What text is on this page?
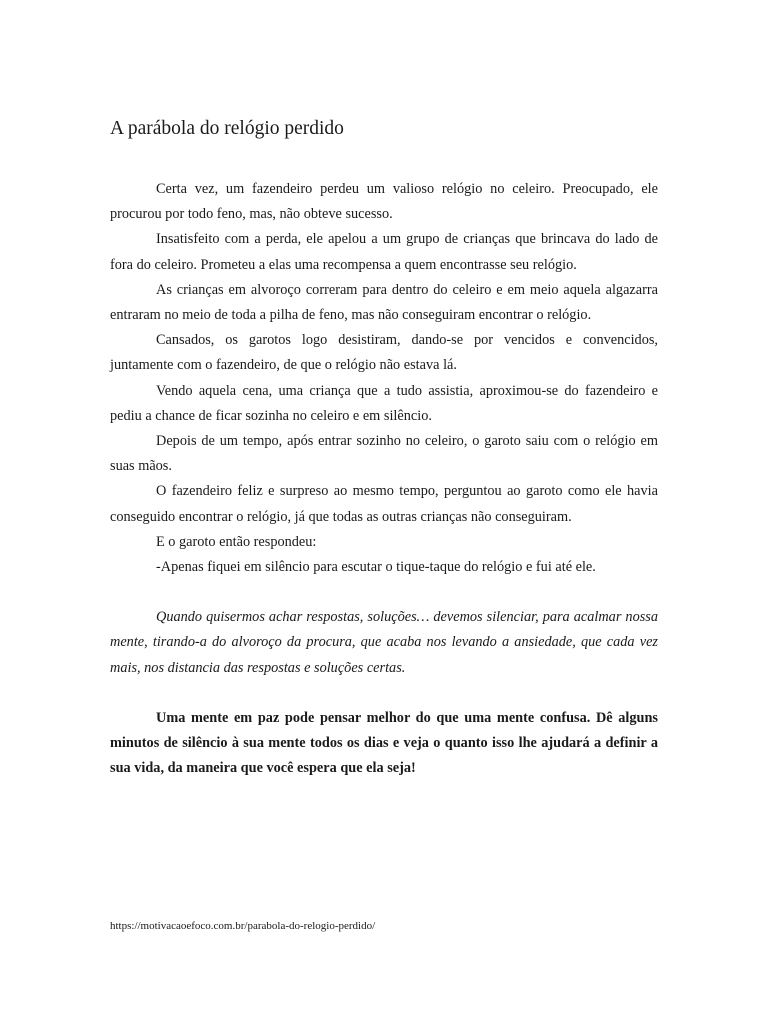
A parábola do relógio perdido

Certa vez, um fazendeiro perdeu um valioso relógio no celeiro. Preocupado, ele procurou por todo feno, mas, não obteve sucesso.

Insatisfeito com a perda, ele apelou a um grupo de crianças que brincava do lado de fora do celeiro. Prometeu a elas uma recompensa a quem encontrasse seu relógio.

As crianças em alvoroço correram para dentro do celeiro e em meio aquela algazarra entraram no meio de toda a pilha de feno, mas não conseguiram encontrar o relógio.

Cansados, os garotos logo desistiram, dando-se por vencidos e convencidos, juntamente com o fazendeiro, de que o relógio não estava lá.

Vendo aquela cena, uma criança que a tudo assistia, aproximou-se do fazendeiro e pediu a chance de ficar sozinha no celeiro e em silêncio.

Depois de um tempo, após entrar sozinho no celeiro, o garoto saiu com o relógio em suas mãos.

O fazendeiro feliz e surpreso ao mesmo tempo, perguntou ao garoto como ele havia conseguido encontrar o relógio, já que todas as outras crianças não conseguiram.

E o garoto então respondeu:

-Apenas fiquei em silêncio para escutar o tique-taque do relógio e fui até ele.

Quando quisermos achar respostas, soluções… devemos silenciar, para acalmar nossa mente, tirando-a do alvoroço da procura, que acaba nos levando a ansiedade, que cada vez mais, nos distancia das respostas e soluções certas.

Uma mente em paz pode pensar melhor do que uma mente confusa. Dê alguns minutos de silêncio à sua mente todos os dias e veja o quanto isso lhe ajudará a definir a sua vida, da maneira que você espera que ela seja!

https://motivacaoefoco.com.br/parabola-do-relogio-perdido/
